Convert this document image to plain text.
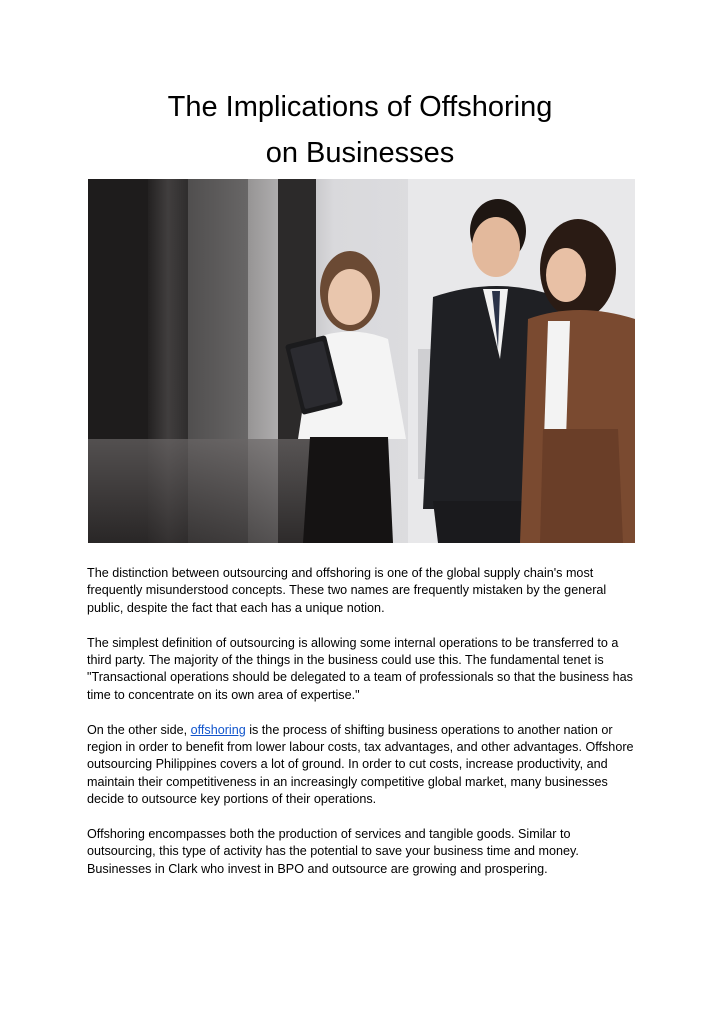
The Implications of Offshoring
on Businesses

The distinction between outsourcing and offshoring is one of the global supply chain's most frequently misunderstood concepts. These two names are frequently mistaken by the general public, despite the fact that each has a unique notion.

The simplest definition of outsourcing is allowing some internal operations to be transferred to a third party. The majority of the things in the business could use this. The fundamental tenet is "Transactional operations should be delegated to a team of professionals so that the business has time to concentrate on its own area of expertise."

On the other side, offshoring is the process of shifting business operations to another nation or region in order to benefit from lower labour costs, tax advantages, and other advantages. Offshore outsourcing Philippines covers a lot of ground. In order to cut costs, increase productivity, and maintain their competitiveness in an increasingly competitive global market, many businesses decide to outsource key portions of their operations.

Offshoring encompasses both the production of services and tangible goods. Similar to outsourcing, this type of activity has the potential to save your business time and money. Businesses in Clark who invest in BPO and outsource are growing and prospering.
